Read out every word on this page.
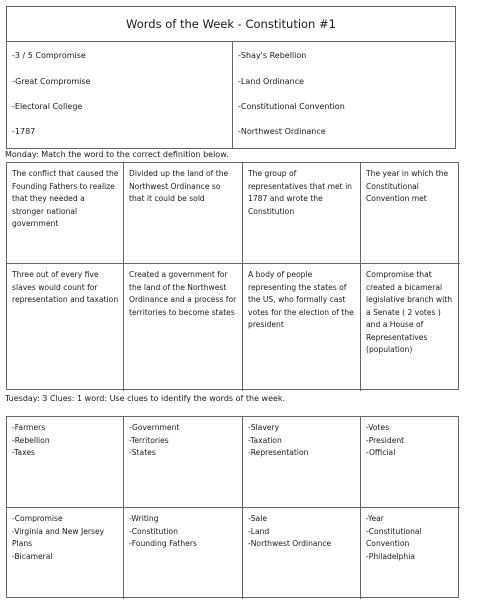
Words of the Week - Constitution #1
-3 / 5 Compromise
-Great Compromise
-Electoral College
-1787
-Shay's Rebellion
-Land Ordinance
-Constitutional Convention
-Northwest Ordinance
Monday: Match the word to the correct definition below.
The conflict that caused the Founding Fathers to realize that they needed a stronger national government
Divided up the land of the Northwest Ordinance so that it could be sold
The group of representatives that met in 1787 and wrote the Constitution
The year in which the Constitutional Convention met
Three out of every five slaves would count for representation and taxation
Created a government for the land of the Northwest Ordinance and a process for territories to become states
A body of people representing the states of the US, who formally cast votes for the election of the president
Compromise that created a bicameral legislative branch with a Senate ( 2 votes ) and a House of Representatives (population)
Tuesday: 3 Clues: 1 word: Use clues to identify the words of the week.
-Farmers
-Rebellion
-Taxes
-Government
-Territories
-States
-Slavery
-Taxation
-Representation
-Votes
-President
-Official
-Compromise
-Virginia and New Jersey Plans
-Bicameral
-Writing
-Constitution
-Founding Fathers
-Sale
-Land
-Northwest Ordinance
-Year
-Constitutional Convention
-Philadelphia
